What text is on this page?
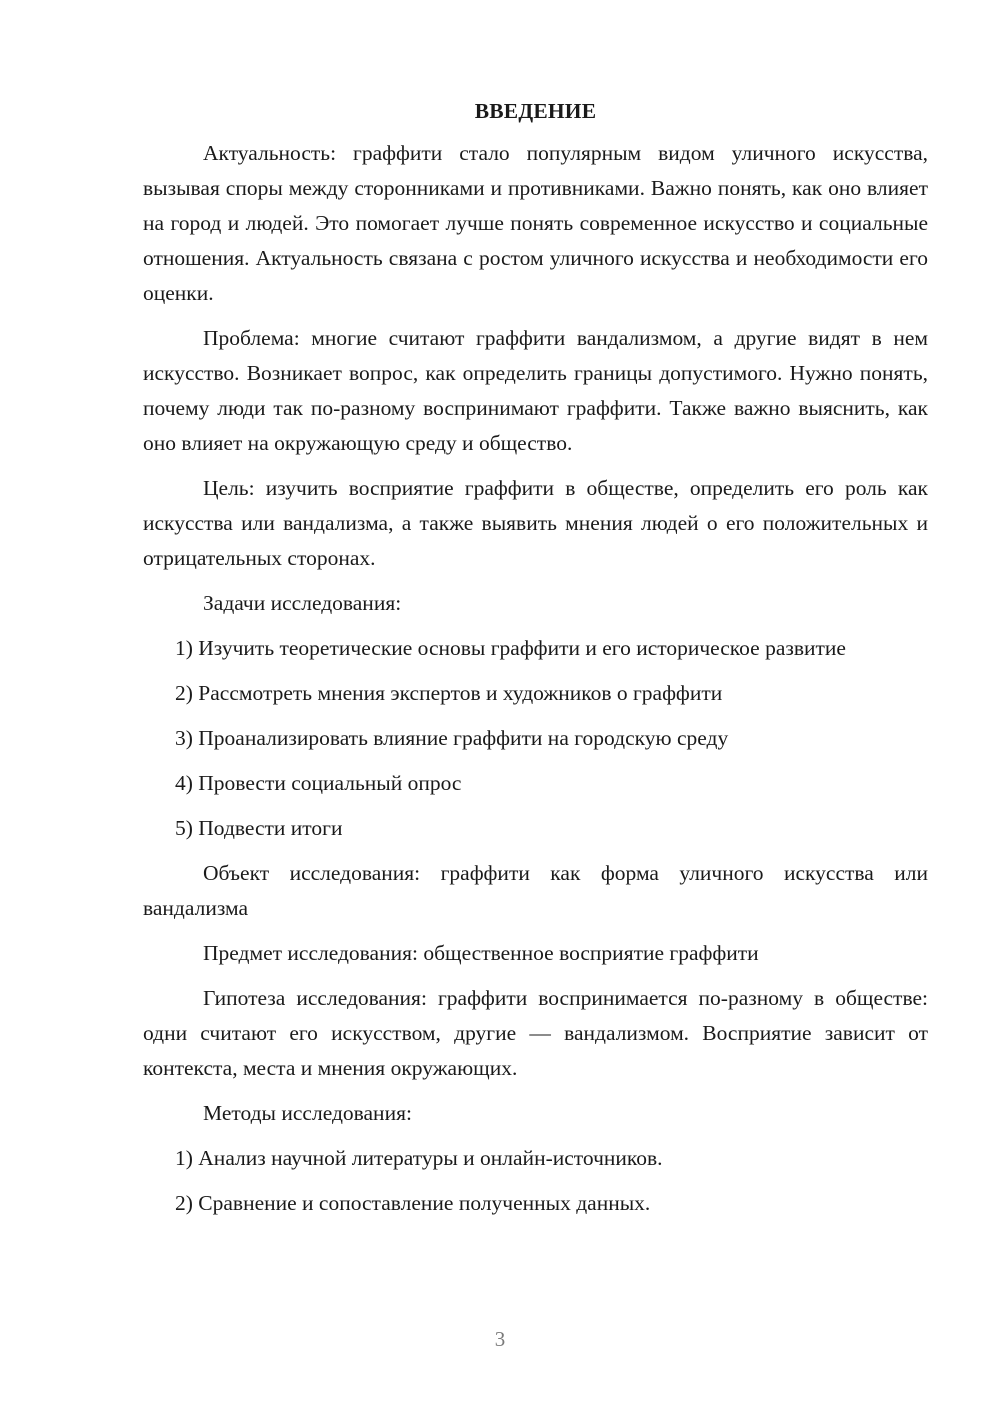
ВВЕДЕНИЕ

Актуальность: граффити стало популярным видом уличного искусства, вызывая споры между сторонниками и противниками. Важно понять, как оно влияет на город и людей. Это помогает лучше понять современное искусство и социальные отношения. Актуальность связана с ростом уличного искусства и необходимости его оценки.

Проблема: многие считают граффити вандализмом, а другие видят в нем искусство. Возникает вопрос, как определить границы допустимого. Нужно понять, почему люди так по-разному воспринимают граффити. Также важно выяснить, как оно влияет на окружающую среду и общество.

Цель: изучить восприятие граффити в обществе, определить его роль как искусства или вандализма, а также выявить мнения людей о его положительных и отрицательных сторонах.

Задачи исследования:

1) Изучить теоретические основы граффити и его историческое развитие

2) Рассмотреть мнения экспертов и художников о граффити

3) Проанализировать влияние граффити на городскую среду

4) Провести социальный опрос

5) Подвести итоги

Объект исследования: граффити как форма уличного искусства или вандализма

Предмет исследования: общественное восприятие граффити

Гипотеза исследования: граффити воспринимается по-разному в обществе: одни считают его искусством, другие — вандализмом. Восприятие зависит от контекста, места и мнения окружающих.

Методы исследования:

1) Анализ научной литературы и онлайн-источников.

2) Сравнение и сопоставление полученных данных.

3
